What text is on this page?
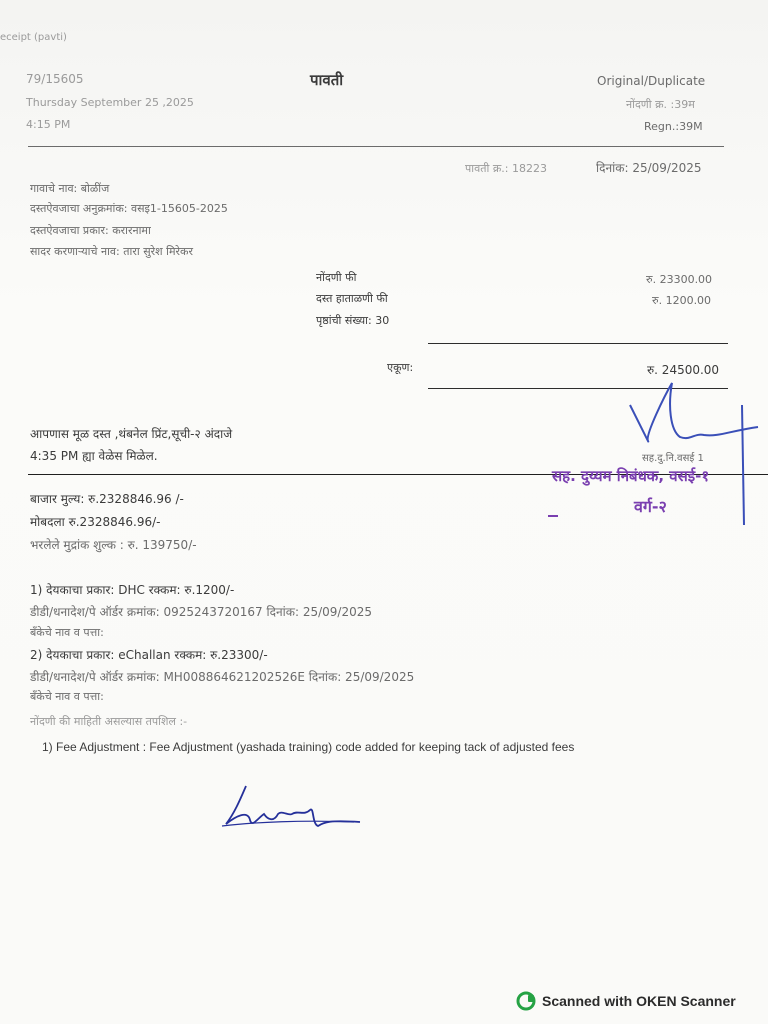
eceipt (pavti)
79/15605	पावती	Original/Duplicate
Thursday September 25 ,2025
4:15 PM
नोंदणी क्र. :39म
Regn.:39M
पावती क्र.: 18223	दिनांक: 25/09/2025
गावाचे नाव: बोळींज
दस्तऐवजाचा अनुक्रमांक: वसइ1-15605-2025
दस्तऐवजाचा प्रकार: करारनामा
सादर करणाऱ्याचे नाव: तारा सुरेश मिरेकर
नोंदणी फी	रु. 23300.00
दस्त हाताळणी फी	रु. 1200.00
पृष्ठांची संख्या: 30
एकूण:	रु. 24500.00
आपणास मूळ दस्त ,थंबनेल प्रिंट,सूची-२ अंदाजे
4:35 PM ह्या वेळेस मिळेल.	सह.दु.नि.वसई 1
सह. दुय्यम निबंधक, वसई-१
वर्ग-२
बाजार मुल्य: रु.2328846.96 /-
मोबदला रु.2328846.96/-
भरलेले मुद्रांक शुल्क : रु. 139750/-
1) देयकाचा प्रकार: DHC रक्कम: रु.1200/-
डीडी/धनादेश/पे ऑर्डर क्रमांक: 0925243720167 दिनांक: 25/09/2025
बँकेचे नाव व पत्ता:
2) देयकाचा प्रकार: eChallan रक्कम: रु.23300/-
डीडी/धनादेश/पे ऑर्डर क्रमांक: MH008864621202526E दिनांक: 25/09/2025
बँकेचे नाव व पत्ता:
नोंदणी की माहिती असल्यास तपशिल :-
1) Fee Adjustment : Fee Adjustment (yashada training) code added for keeping tack of adjusted fees
Scanned with OKEN Scanner
